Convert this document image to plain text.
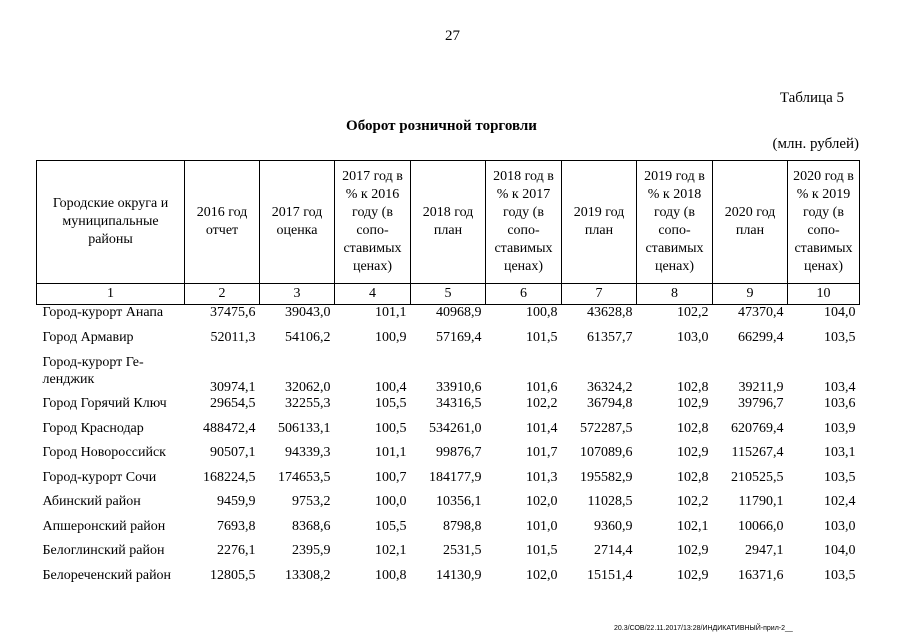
27
Таблица 5
Оборот розничной торговли
(млн. рублей)
Городские округа и муниципальные районы	2016 год отчет	2017 год оценка	2017 год в % к 2016 году (в сопо-ставимых ценах)	2018 год план	2018 год в % к 2017 году (в сопо-ставимых ценах)	2019 год план	2019 год в % к 2018 году (в сопо-ставимых ценах)	2020 год план	2020 год в % к 2019 году (в сопо-ставимых ценах)
1	2	3	4	5	6	7	8	9	10
Город-курорт Анапа	37475,6	39043,0	101,1	40968,9	100,8	43628,8	102,2	47370,4	104,0
Город Армавир	52011,3	54106,2	100,9	57169,4	101,5	61357,7	103,0	66299,4	103,5
Город-курорт Ге-ленджик	30974,1	32062,0	100,4	33910,6	101,6	36324,2	102,8	39211,9	103,4
Город Горячий Ключ	29654,5	32255,3	105,5	34316,5	102,2	36794,8	102,9	39796,7	103,6
Город Краснодар	488472,4	506133,1	100,5	534261,0	101,4	572287,5	102,8	620769,4	103,9
Город Новороссийск	90507,1	94339,3	101,1	99876,7	101,7	107089,6	102,9	115267,4	103,1
Город-курорт Сочи	168224,5	174653,5	100,7	184177,9	101,3	195582,9	102,8	210525,5	103,5
Абинский район	9459,9	9753,2	100,0	10356,1	102,0	11028,5	102,2	11790,1	102,4
Апшеронский район	7693,8	8368,6	105,5	8798,8	101,0	9360,9	102,1	10066,0	103,0
Белоглинский район	2276,1	2395,9	102,1	2531,5	101,5	2714,4	102,9	2947,1	104,0
Белореченский район	12805,5	13308,2	100,8	14130,9	102,0	15151,4	102,9	16371,6	103,5
20.3/СОВ/22.11.2017/13:28/ИНДИКАТИВНЫЙ-прил-2__
